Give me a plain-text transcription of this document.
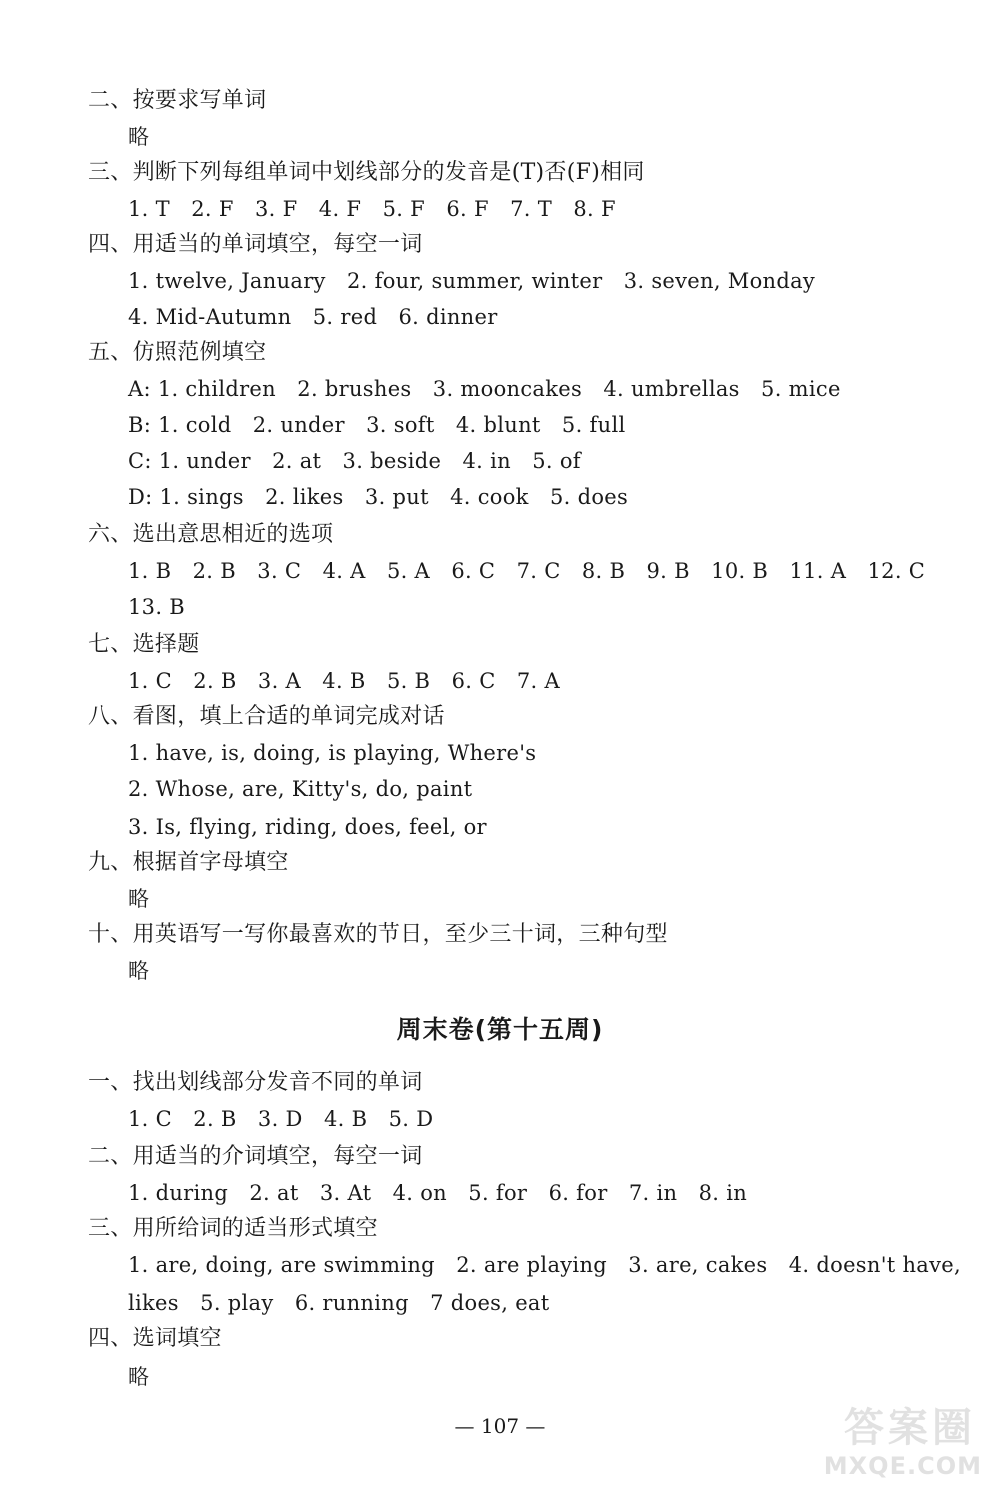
二、按要求写单词
略
三、判断下列每组单词中划线部分的发音是(T)否(F)相同
1. T　2. F　3. F　4. F　5. F　6. F　7. T　8. F
四、用适当的单词填空，每空一词
1. twelve, January　2. four, summer, winter　3. seven, Monday
4. Mid-Autumn　5. red　6. dinner
五、仿照范例填空
A: 1. children　2. brushes　3. mooncakes　4. umbrellas　5. mice
B: 1. cold　2. under　3. soft　4. blunt　5. full
C: 1. under　2. at　3. beside　4. in　5. of
D: 1. sings　2. likes　3. put　4. cook　5. does
六、选出意思相近的选项
1. B　2. B　3. C　4. A　5. A　6. C　7. C　8. B　9. B　10. B　11. A　12. C
13. B
七、选择题
1. C　2. B　3. A　4. B　5. B　6. C　7. A
八、看图，填上合适的单词完成对话
1. have, is, doing, is playing, Where's
2. Whose, are, Kitty's, do, paint
3. Is, flying, riding, does, feel, or
九、根据首字母填空
略
十、用英语写一写你最喜欢的节日，至少三十词，三种句型
略
周末卷(第十五周)
一、找出划线部分发音不同的单词
1. C　2. B　3. D　4. B　5. D
二、用适当的介词填空，每空一词
1. during　2. at　3. At　4. on　5. for　6. for　7. in　8. in
三、用所给词的适当形式填空
1. are, doing, are swimming　2. are playing　3. are, cakes　4. doesn't have,
likes　5. play　6. running　7 does, eat
四、选词填空
略
— 107 —	答案圈
MXQE.COM
